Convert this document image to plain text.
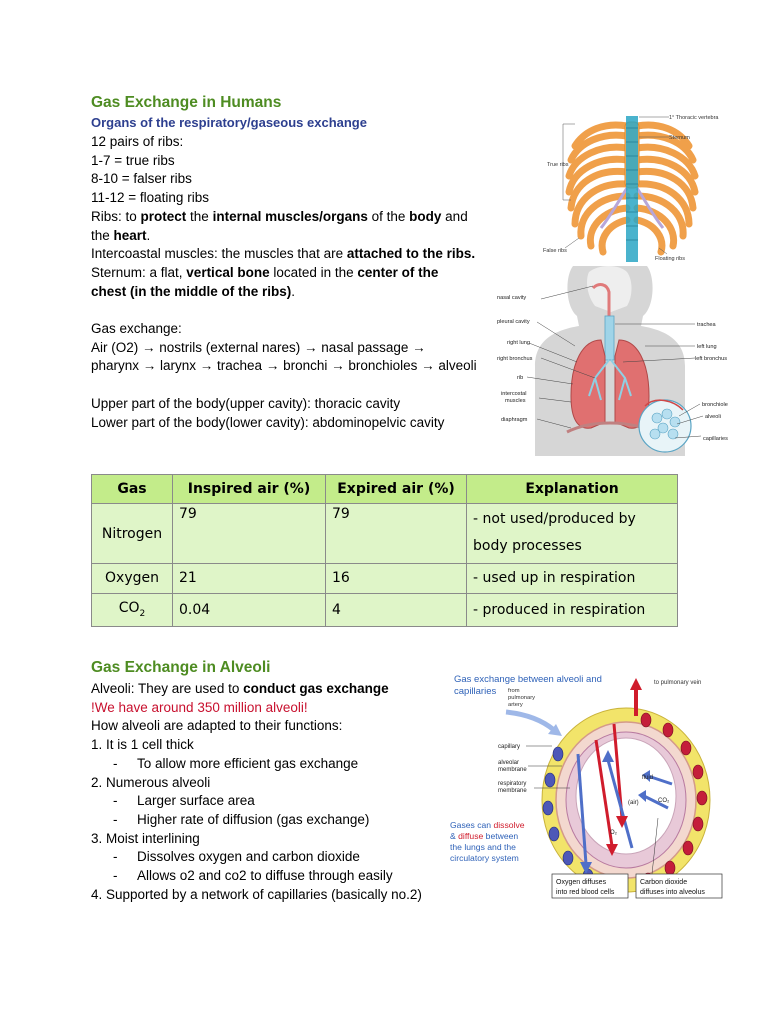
Gas Exchange in Humans
Organs of the respiratory/gaseous exchange
12 pairs of ribs:
1-7 = true ribs
8-10 = falser ribs
11-12 = floating ribs
Ribs: to protect the internal muscles/organs of the body and
the heart.
Intercoastal muscles: the muscles that are attached to the ribs.
Sternum: a flat, vertical bone located in the center of the
chest (in the middle of the ribs).
Gas exchange:
Air (O2) → nostrils (external nares) → nasal passage →
pharynx → larynx → trachea → bronchi → bronchioles → alveoli
Upper part of the body(upper cavity): thoracic cavity
Lower part of the body(lower cavity): abdominopelvic cavity
1° Thoracic vertebra
Sternum
True ribs
False ribs
Floating ribs
nasal cavity
pleural cavity
right lung
right bronchus
rib
intercostal
muscles
diaphragm
trachea
left lung
left bronchus
bronchiole
alveoli
capillaries
Gas	Inspired air (%)	Expired air (%)	Explanation
Nitrogen	79	79	- not used/produced by
body processes

Oxygen	21	16	- used up in respiration
$CO_2$	0.04	4	- produced in respiration
Gas Exchange in Alveoli
Alveoli: They are used to conduct gas exchange
!We have around 350 million alveoli!
How alveoli are adapted to their functions:
1. It is 1 cell thick
- To allow more efficient gas exchange
2. Numerous alveoli
- Larger surface area
- Higher rate of diffusion (gas exchange)
3. Moist interlining
- Dissolves oxygen and carbon dioxide
- Allows o2 and co2 to diffuse through easily
4. Supported by a network of capillaries (basically no.2)
Gas exchange between alveoli and
capillaries from
pulmonary
artery
to pulmonary vein
capillary
alveolar
membrane
respiratory
membrane
fluid
(air)
O₂
CO₂
Gases can dissolve
& diffuse between
the lungs and the
circulatory system
Oxygen diffuses
into red blood cells
Carbon dioxide
diffuses into alveolus
